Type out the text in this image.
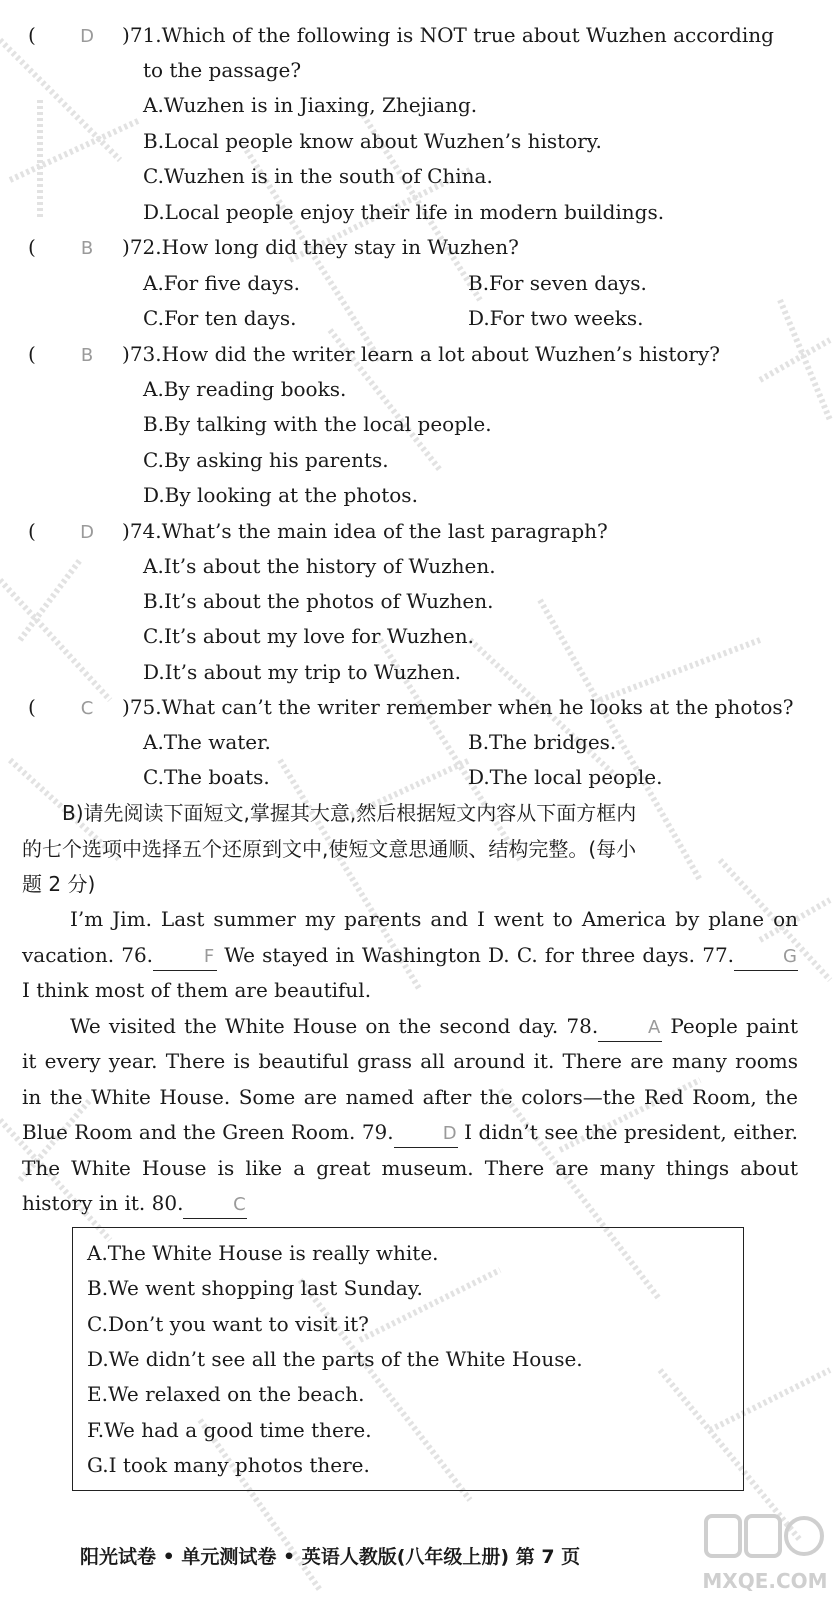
( D )71.Which of the following is NOT true about Wuzhen according
to the passage?
A.Wuzhen is in Jiaxing, Zhejiang.
B.Local people know about Wuzhen’s history.
C.Wuzhen is in the south of China.
D.Local people enjoy their life in modern buildings.
(	B )72.How long did they stay in Wuzhen?
A.For five days.	B.For seven days.
C.For ten days.	D.For two weeks.
(	B )73.How did the writer learn a lot about Wuzhen’s history?
A.By reading books.
B.By talking with the local people.
C.By asking his parents.
D.By looking at the photos.
( D )74.What’s the main idea of the last paragraph?
A.It’s about the history of Wuzhen.
B.It’s about the photos of Wuzhen.
C.It’s about my love for Wuzhen.
D.It’s about my trip to Wuzhen.
( C )75.What can’t the writer remember when he looks at the photos?
A.The water.	B.The bridges.
C.The boats.	D.The local people.

B)请先阅读下面短文,掌握其大意,然后根据短文内容从下面方框内

的七个选项中选择五个还原到文中,使短文意思通顺、结构完整。(每小

题 2 分)

I’m Jim. Last summer my parents and I went to America by plane on vacation. 76.	F We stayed in Washington D. C. for three days. 77.	G I think most of them are beautiful.

We visited the White House on the second day. 78.	A People paint it every year. There is beautiful grass all around it. There are many rooms in the White House. Some are named after the colors—the Red Room, the Blue Room and the Green Room. 79.	D I didn’t see the president, either. The White House is like a great museum. There are many things about history in it. 80.	C

A.The White House is really white.
B.We went shopping last Sunday.
C.Don’t you want to visit it?
D.We didn’t see all the parts of the White House.
E.We relaxed on the beach.
F.We had a good time there.
G.I took many photos there.
阳光试卷 • 单元测试卷 • 英语人教版(八年级上册) 第 7 页
MXQE.COM
